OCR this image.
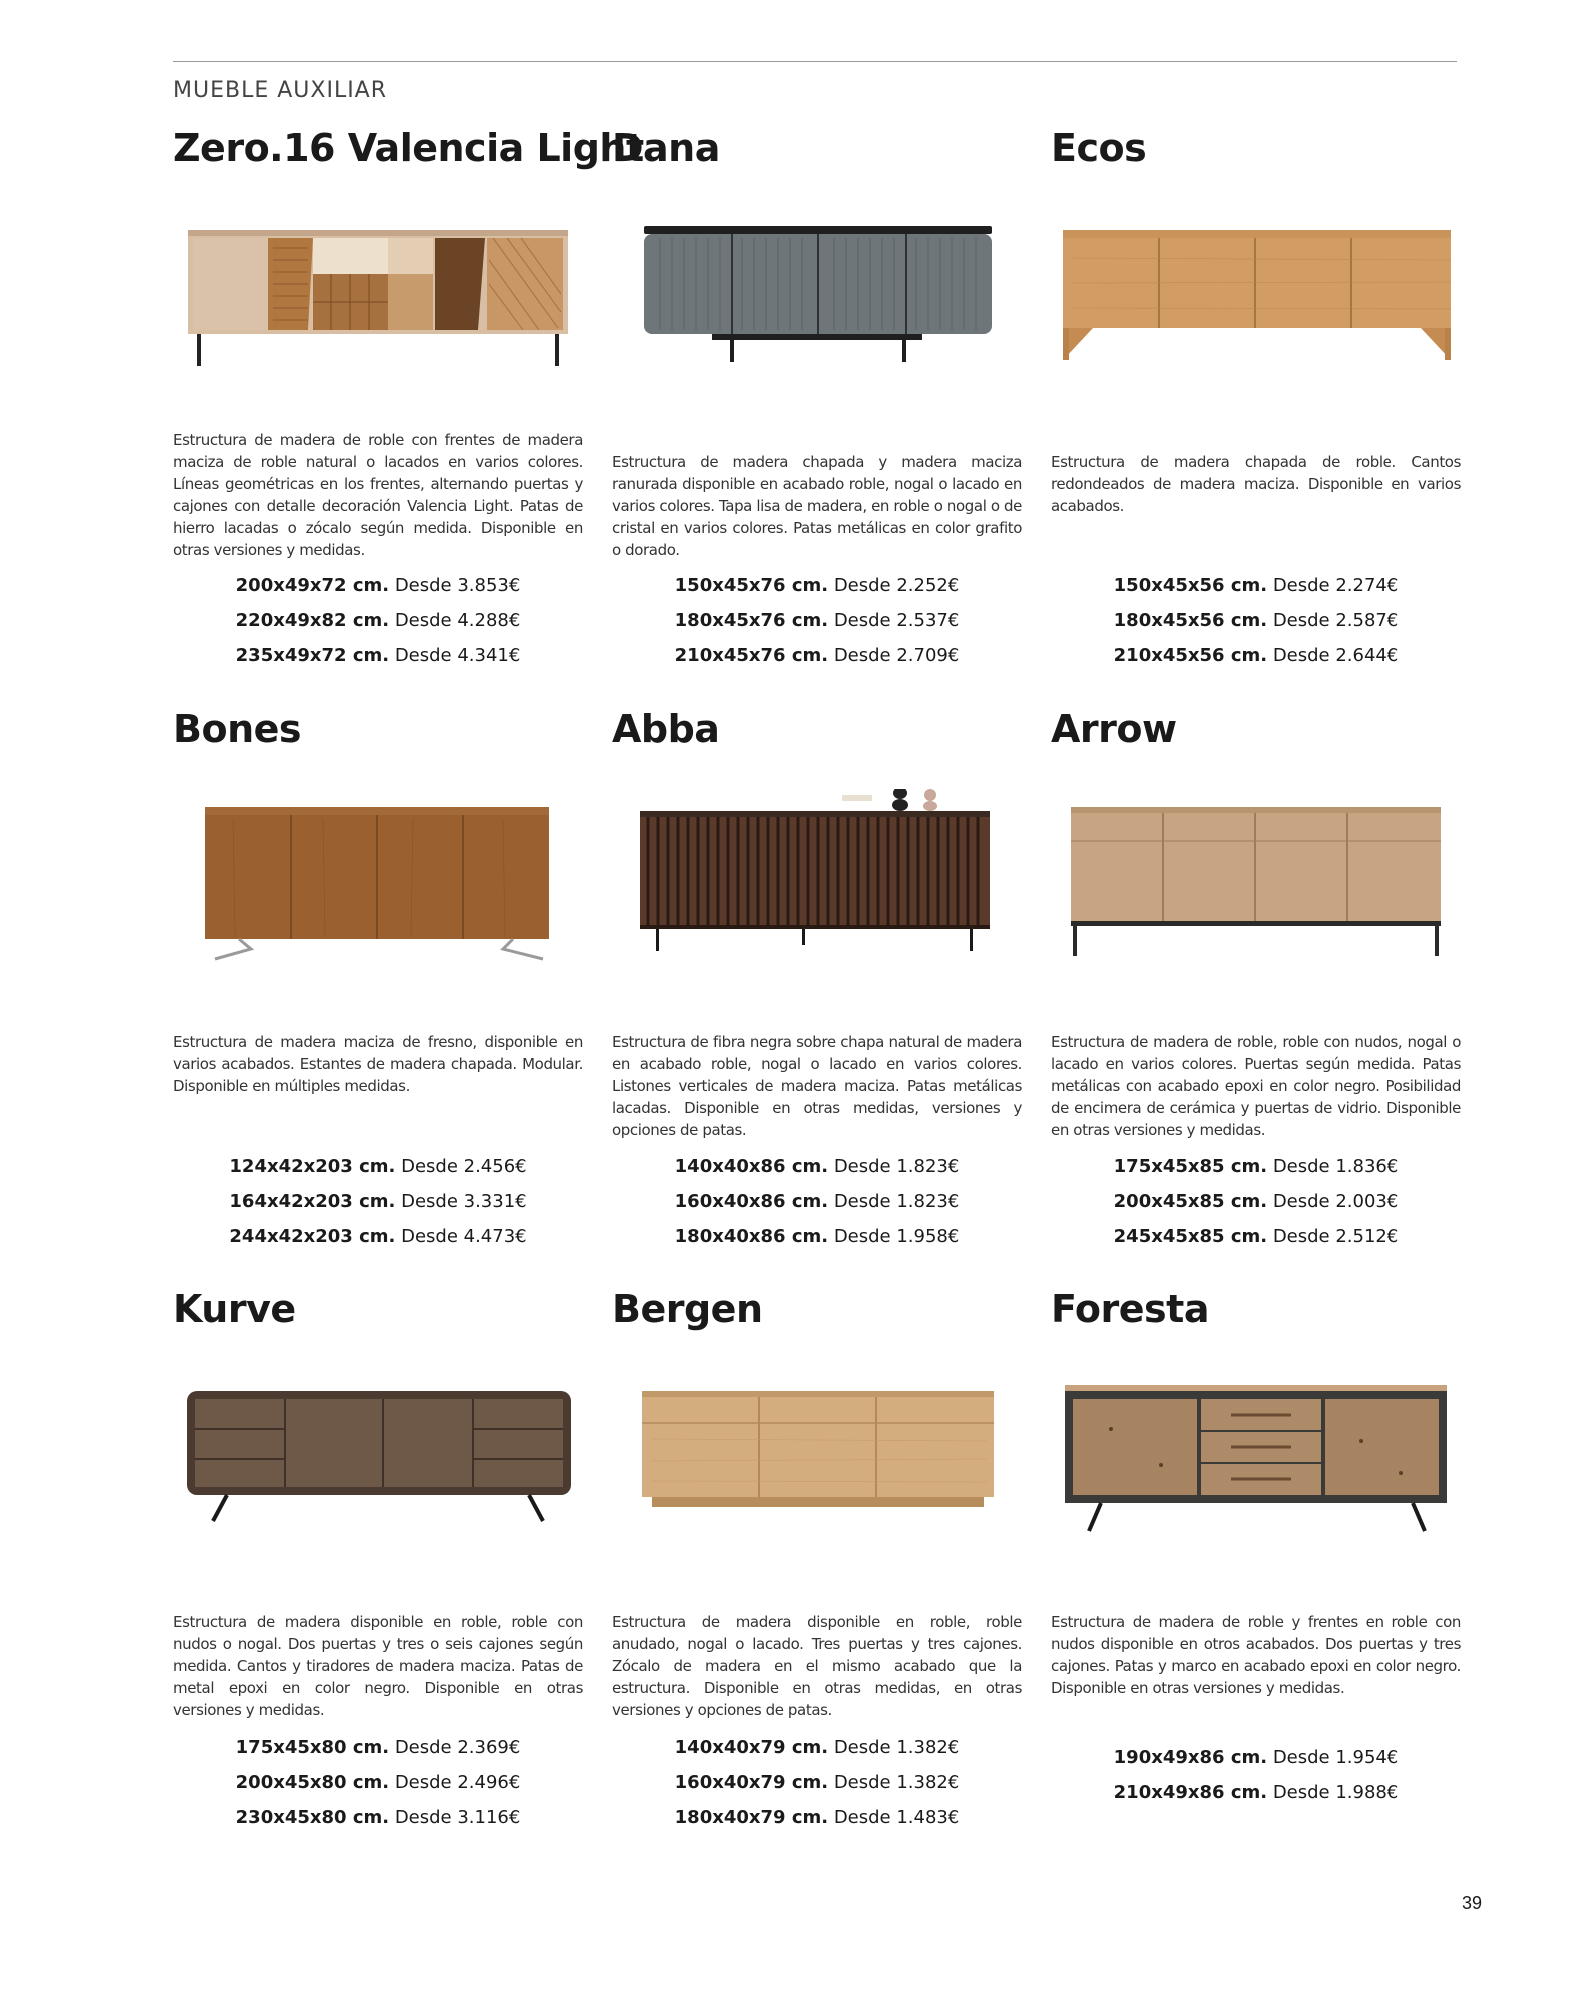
MUEBLE AUXILIAR
Zero.16 Valencia Light
Estructura de madera de roble con frentes de madera maciza de roble natural o lacados en varios colores. Líneas geométricas en los frentes, alternando puertas y cajones con detalle decoración Valencia Light. Patas de hierro lacadas o zócalo según medida. Disponible en otras versiones y medidas.
200x49x72 cm. Desde 3.853€
220x49x82 cm. Desde 4.288€
235x49x72 cm. Desde 4.341€
Dana
Estructura de madera chapada y madera maciza ranurada disponible en acabado roble, nogal o lacado en varios colores. Tapa lisa de madera, en roble o nogal o de cristal en varios colores. Patas metálicas en color grafito o dorado.
150x45x76 cm. Desde 2.252€
180x45x76 cm. Desde 2.537€
210x45x76 cm. Desde 2.709€
Ecos
Estructura de madera chapada de roble. Cantos redondeados de madera maciza. Disponible en varios acabados.
150x45x56 cm. Desde 2.274€
180x45x56 cm. Desde 2.587€
210x45x56 cm. Desde 2.644€
Bones
Estructura de madera maciza de fresno, disponible en varios acabados. Estantes de madera chapada. Modular. Disponible en múltiples medidas.
124x42x203 cm. Desde 2.456€
164x42x203 cm. Desde 3.331€
244x42x203 cm. Desde 4.473€
Abba
Estructura de fibra negra sobre chapa natural de madera en acabado roble, nogal o lacado en varios colores. Listones verticales de madera maciza. Patas metálicas lacadas. Disponible en otras medidas, versiones y opciones de patas.
140x40x86 cm. Desde 1.823€
160x40x86 cm. Desde 1.823€
180x40x86 cm. Desde 1.958€
Arrow
Estructura de madera de roble, roble con nudos, nogal o lacado en varios colores. Puertas según medida. Patas metálicas con acabado epoxi en color negro. Posibilidad de encimera de cerámica y puertas de vidrio. Disponible en otras versiones y medidas.
175x45x85 cm. Desde 1.836€
200x45x85 cm. Desde 2.003€
245x45x85 cm. Desde 2.512€
Kurve
Estructura de madera disponible en roble, roble con nudos o nogal. Dos puertas y tres o seis cajones según medida. Cantos y tiradores de madera maciza. Patas de metal epoxi en color negro. Disponible en otras versiones y medidas.
175x45x80 cm. Desde 2.369€
200x45x80 cm. Desde 2.496€
230x45x80 cm. Desde 3.116€
Bergen
Estructura de madera disponible en roble, roble anudado, nogal o lacado. Tres puertas y tres cajones. Zócalo de madera en el mismo acabado que la estructura. Disponible en otras medidas, en otras versiones y opciones de patas.
140x40x79 cm. Desde 1.382€
160x40x79 cm. Desde 1.382€
180x40x79 cm. Desde 1.483€
Foresta
Estructura de madera de roble y frentes en roble con nudos disponible en otros acabados. Dos puertas y tres cajones. Patas y marco en acabado epoxi en color negro. Disponible en otras versiones y medidas.
190x49x86 cm. Desde 1.954€
210x49x86 cm. Desde 1.988€
39
